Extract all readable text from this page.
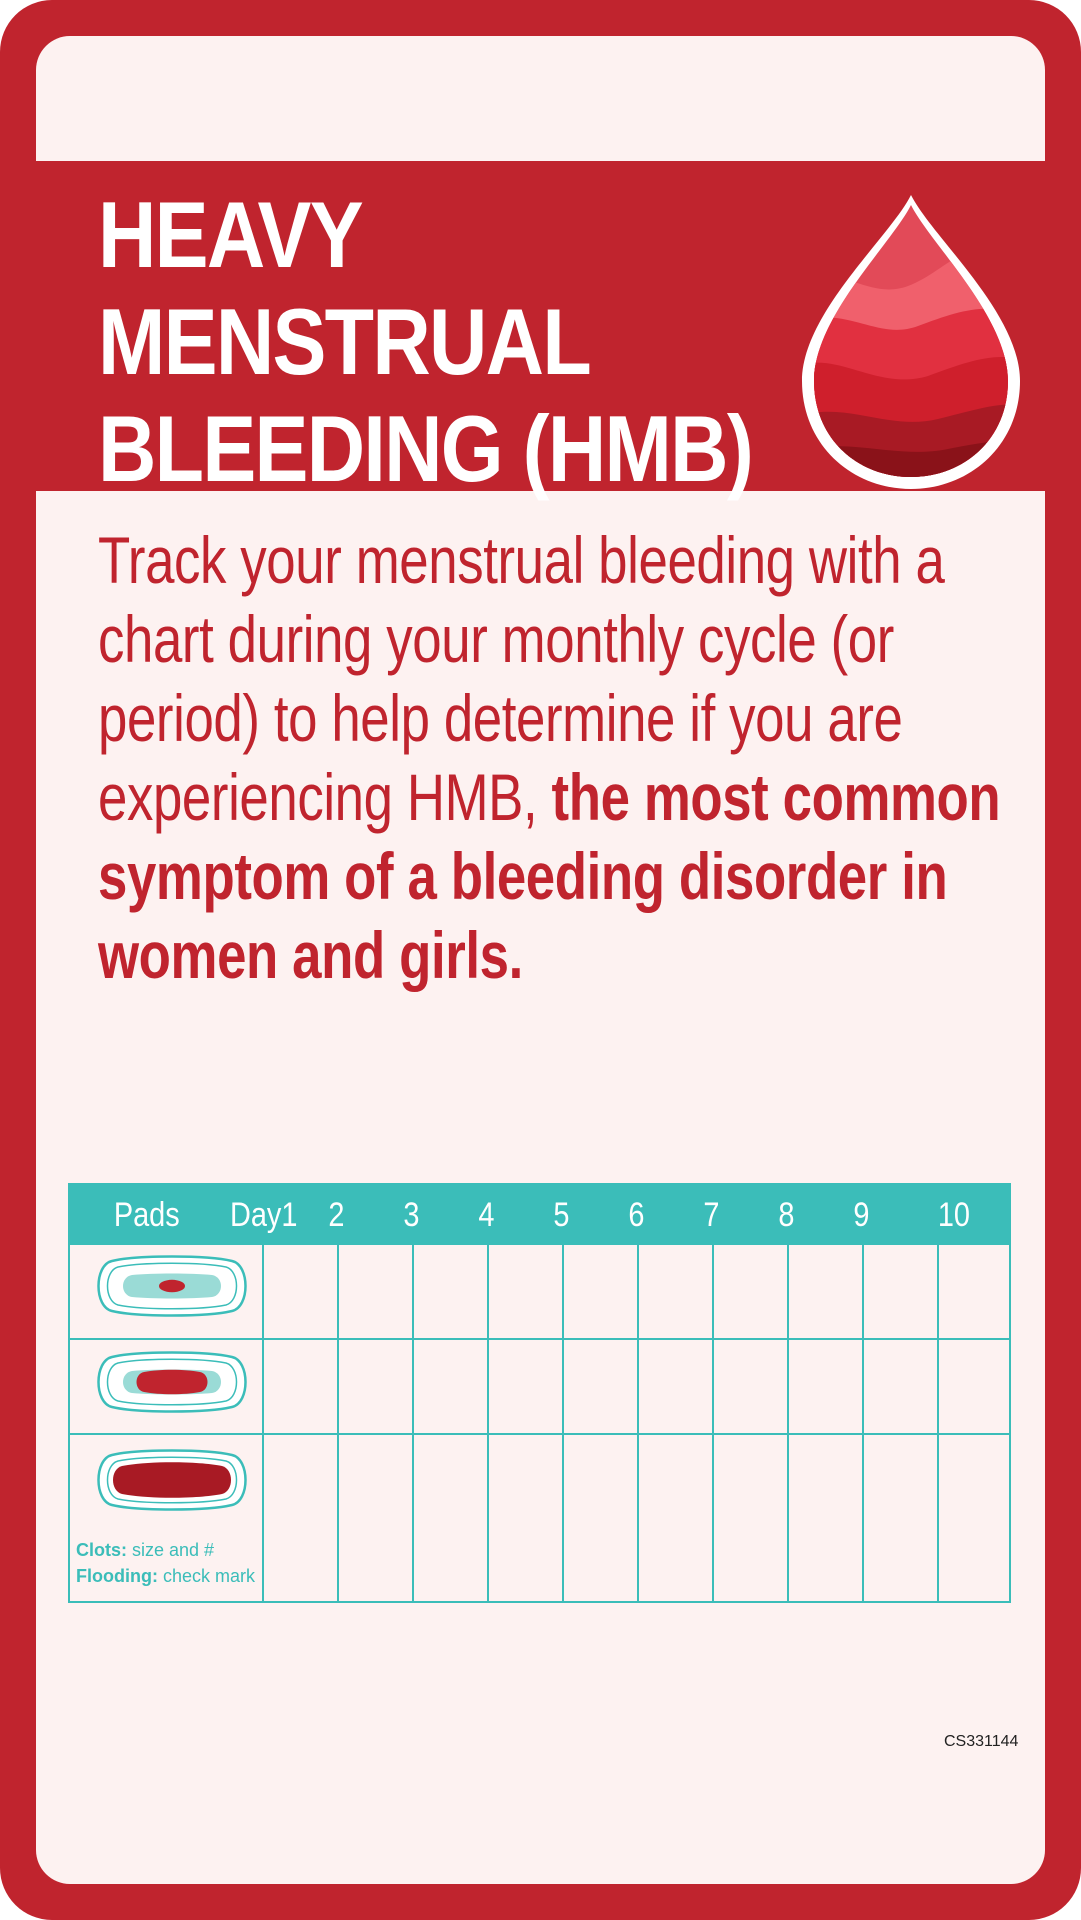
HEAVY
MENSTRUAL
BLEEDING (HMB)

Track your menstrual bleeding with a chart during your monthly cycle (or period) to help determine if you are experiencing HMB, the most common symptom of a bleeding disorder in women and girls.

Pads	Day1 2	3	4	5	6	7	8	9	10
Clots: size and #
Flooding: check mark
CS331144
